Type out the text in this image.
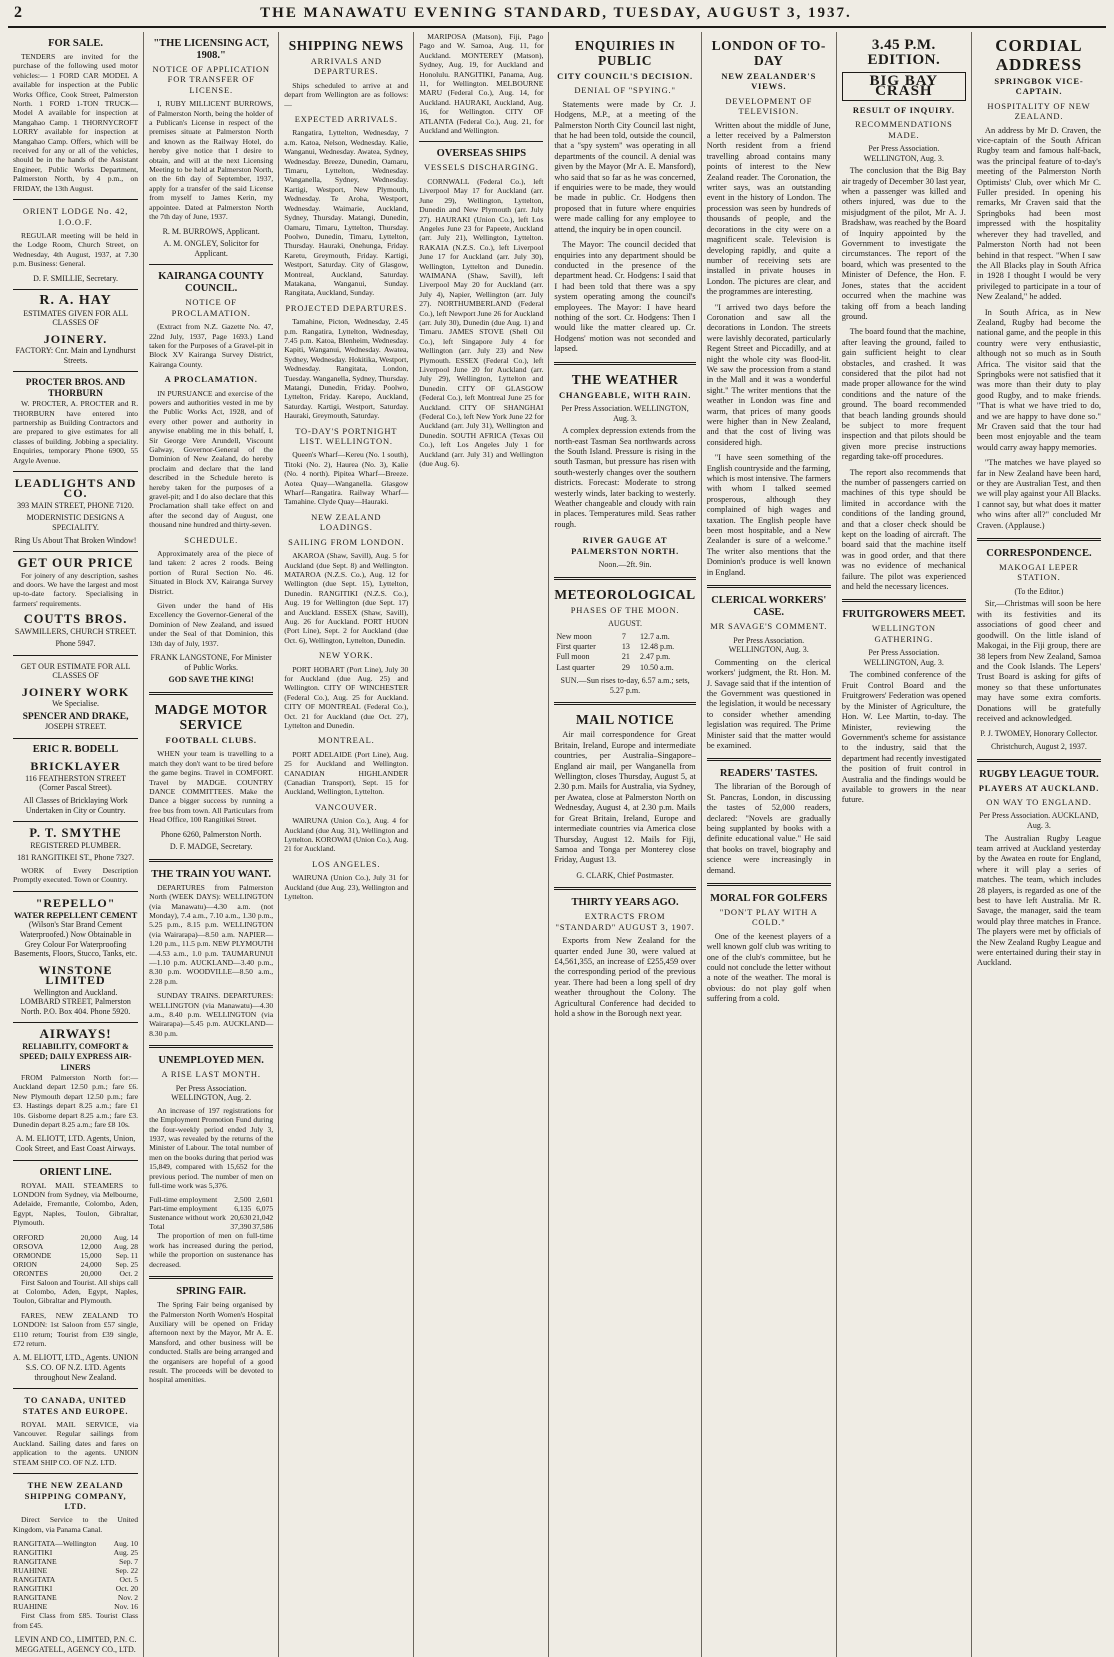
2	THE MANAWATU EVENING STANDARD, TUESDAY, AUGUST 3, 1937.
FOR SALE.

TENDERS are invited for the purchase of the following used motor vehicles:— 1 FORD CAR MODEL A available for inspection at the Public Works Office, Cook Street, Palmerston North. 1 FORD 1-TON TRUCK—Model A available for inspection at Mangahao Camp. 1 THORNYCROFT LORRY available for inspection at Mangahao Camp. Offers, which will be received for any or all of the vehicles, should be in the hands of the Assistant Engineer, Public Works Department, Palmerston North, by 4 p.m., on FRIDAY, the 13th August.

ORIENT LODGE No. 42, I.O.O.F.

REGULAR meeting will be held in the Lodge Room, Church Street, on Wednesday, 4th August, 1937, at 7.30 p.m. Business: General.

D. F. SMILLIE, Secretary.
R. A. HAY
ESTIMATES GIVEN FOR ALL CLASSES OF
JOINERY.
FACTORY: Cnr. Main and Lyndhurst Streets.
PROCTER BROS. AND THORBURN

W. PROCTER, A. PROCTER and R. THORBURN have entered into partnership as Building Contractors and are prepared to give estimates for all classes of building. Jobbing a speciality. Enquiries, temporary Phone 6900, 55 Argyle Avenue.

LEADLIGHTS AND CO.
393 MAIN STREET, PHONE 7120.
MODERNISTIC DESIGNS A SPECIALITY.
Ring Us About That Broken Window!
GET OUR PRICE

For joinery of any description, sashes and doors. We have the largest and most up-to-date factory. Specialising in farmers' requirements.

COUTTS BROS.
SAWMILLERS, CHURCH STREET.
Phone 5947.
GET OUR ESTIMATE FOR ALL CLASSES OF
JOINERY WORK
We Specialise.
SPENCER AND DRAKE,
JOSEPH STREET.
ERIC R. BODELL
BRICKLAYER
116 FEATHERSTON STREET (Corner Pascal Street).
All Classes of Bricklaying Work Undertaken in City or Country.
P. T. SMYTHE
REGISTERED PLUMBER.
181 RANGITIKEI ST., Phone 7327.

WORK of Every Description Promptly executed. Town or Country.

"REPELLO"
WATER REPELLENT CEMENT
(Wilson's Star Brand Cement Waterproofed.) Now Obtainable in Grey Colour For Waterproofing Basements, Floors, Stucco, Tanks, etc.
WINSTONE LIMITED
Wellington and Auckland. LOMBARD STREET, Palmerston North. P.O. Box 404. Phone 5920.
AIRWAYS!
RELIABILITY, COMFORT & SPEED; DAILY EXPRESS AIR-LINERS

FROM Palmerston North for:—Auckland depart 12.50 p.m.; fare £6. New Plymouth depart 12.50 p.m.; fare £3. Hastings depart 8.25 a.m.; fare £1 10s. Gisborne depart 8.25 a.m.; fare £3. Dunedin depart 8.25 a.m.; fare £8 10s.

A. M. ELIOTT, LTD. Agents, Union, Cook Street, and East Coast Airways.
ORIENT LINE.

ROYAL MAIL STEAMERS to LONDON from Sydney, via Melbourne, Adelaide, Fremantle, Colombo, Aden, Egypt, Naples, Toulon, Gibraltar, Plymouth.

ORFORD	20,000	Aug. 14
ORSOVA	12,000	Aug. 28
ORMONDE	15,000	Sep. 11
ORION	24,000	Sep. 25
ORONTES	20,000	Oct. 2

First Saloon and Tourist. All ships call at Colombo, Aden, Egypt, Naples, Toulon, Gibraltar and Plymouth.

FARES, NEW ZEALAND TO LONDON: 1st Saloon from £57 single, £110 return; Tourist from £39 single, £72 return.

A. M. ELIOTT, LTD., Agents. UNION S.S. CO. OF N.Z. LTD. Agents throughout New Zealand.
TO CANADA, UNITED STATES AND EUROPE.

ROYAL MAIL SERVICE, via Vancouver. Regular sailings from Auckland. Sailing dates and fares on application to the agents. UNION STEAM SHIP CO. OF N.Z. LTD.

THE NEW ZEALAND SHIPPING COMPANY, LTD.

Direct Service to the United Kingdom, via Panama Canal.

RANGITATA—Wellington	Aug. 10
RANGITIKI	Aug. 25
RANGITANE	Sep. 7
RUAHINE	Sep. 22
RANGITATA	Oct. 5
RANGITIKI	Oct. 20
RANGITANE	Nov. 2
RUAHINE	Nov. 16

First Class from £85. Tourist Class from £45.

LEVIN AND CO., LIMITED, P.N. C. MEGGATELL, AGENCY CO., LTD.
"THE LICENSING ACT, 1908."
NOTICE OF APPLICATION FOR TRANSFER OF LICENSE.

I, RUBY MILLICENT BURROWS, of Palmerston North, being the holder of a Publican's License in respect of the premises situate at Palmerston North and known as the Railway Hotel, do hereby give notice that I desire to obtain, and will at the next Licensing Meeting to be held at Palmerston North, on the 6th day of September, 1937, apply for a transfer of the said License from myself to James Kerin, my appointee. Dated at Palmerston North the 7th day of June, 1937.

R. M. BURROWS, Applicant.
A. M. ONGLEY, Solicitor for Applicant.
KAIRANGA COUNTY COUNCIL.
NOTICE OF PROCLAMATION.

(Extract from N.Z. Gazette No. 47, 22nd July, 1937, Page 1693.) Land taken for the Purposes of a Gravel-pit in Block XV Kairanga Survey District, Kairanga County.

A PROCLAMATION.

IN PURSUANCE and exercise of the powers and authorities vested in me by the Public Works Act, 1928, and of every other power and authority in anywise enabling me in this behalf, I, Sir George Vere Arundell, Viscount Galway, Governor-General of the Dominion of New Zealand, do hereby proclaim and declare that the land described in the Schedule hereto is hereby taken for the purposes of a gravel-pit; and I do also declare that this Proclamation shall take effect on and after the second day of August, one thousand nine hundred and thirty-seven.

SCHEDULE.

Approximately area of the piece of land taken: 2 acres 2 roods. Being portion of Rural Section No. 46. Situated in Block XV, Kairanga Survey District.

Given under the hand of His Excellency the Governor-General of the Dominion of New Zealand, and issued under the Seal of that Dominion, this 13th day of July, 1937.

FRANK LANGSTONE, For Minister of Public Works.
GOD SAVE THE KING!
MADGE MOTOR SERVICE
FOOTBALL CLUBS.

WHEN your team is travelling to a match they don't want to be tired before the game begins. Travel in COMFORT. Travel by MADGE. COUNTRY DANCE COMMITTEES. Make the Dance a bigger success by running a free bus from town. All Particulars from Head Office, 100 Rangitikei Street.

Phone 6260, Palmerston North.
D. F. MADGE, Secretary.
THE TRAIN YOU WANT.

DEPARTURES from Palmerston North (WEEK DAYS): WELLINGTON (via Manawatu)—4.30 a.m. (not Monday), 7.4 a.m., 7.10 a.m., 1.30 p.m., 5.25 p.m., 8.15 p.m. WELLINGTON (via Wairarapa)—8.50 a.m. NAPIER—1.20 p.m., 11.5 p.m. NEW PLYMOUTH—4.53 a.m., 1.0 p.m. TAUMARUNUI—1.10 p.m. AUCKLAND—3.40 p.m., 8.30 p.m. WOODVILLE—8.50 a.m., 2.28 p.m.

SUNDAY TRAINS. DEPARTURES: WELLINGTON (via Manawatu)—4.30 a.m., 8.40 p.m. WELLINGTON (via Wairarapa)—5.45 p.m. AUCKLAND—8.30 p.m.

UNEMPLOYED MEN.
A RISE LAST MONTH.
Per Press Association. WELLINGTON, Aug. 2.

An increase of 197 registrations for the Employment Promotion Fund during the four-weekly period ended July 3, 1937, was revealed by the returns of the Minister of Labour. The total number of men on the books during that period was 15,849, compared with 15,652 for the previous period. The number of men on full-time work was 5,376.

Full-time employment	2,500	2,601
Part-time employment	6,135	6,075
Sustenance without work	20,630	21,042
Total	37,390	37,586

The proportion of men on full-time work has increased during the period, while the proportion on sustenance has decreased.

SPRING FAIR.

The Spring Fair being organised by the Palmerston North Women's Hospital Auxiliary will be opened on Friday afternoon next by the Mayor, Mr A. E. Mansford, and other business will be conducted. Stalls are being arranged and the organisers are hopeful of a good result. The proceeds will be devoted to hospital amenities.

SHIPPING NEWS
ARRIVALS AND DEPARTURES.

Ships scheduled to arrive at and depart from Wellington are as follows:—

EXPECTED ARRIVALS.

Rangatira, Lyttelton, Wednesday, 7 a.m. Katoa, Nelson, Wednesday. Kalie, Wanganui, Wednesday. Awatea, Sydney, Wednesday. Breeze, Dunedin, Oamaru, Timaru, Lyttelton, Wednesday. Wanganella, Sydney, Wednesday. Kartigi, Westport, New Plymouth, Wednesday. Te Aroha, Westport, Wednesday. Waimarie, Auckland, Sydney, Thursday. Matangi, Dunedin, Oamaru, Timaru, Lyttelton, Thursday. Poolwo, Dunedin, Timaru, Lyttelton, Thursday. Hauraki, Onehunga, Friday. Karetu, Greymouth, Friday. Kartigi, Westport, Saturday. City of Glasgow, Montreal, Auckland, Saturday. Matakana, Wanganui, Sunday. Rangitata, Auckland, Sunday.

PROJECTED DEPARTURES.

Tamahine, Picton, Wednesday, 2.45 p.m. Rangatira, Lyttelton, Wednesday, 7.45 p.m. Katoa, Blenheim, Wednesday. Kapiti, Wanganui, Wednesday. Awatea, Sydney, Wednesday. Hokitika, Westport, Wednesday. Rangitata, London, Tuesday. Wanganella, Sydney, Thursday. Matangi, Dunedin, Friday. Poolwo, Lyttelton, Friday. Karepo, Auckland, Saturday. Kartigi, Westport, Saturday. Hauraki, Greymouth, Saturday.

TO-DAY'S PORTNIGHT LIST. WELLINGTON.

Queen's Wharf—Kereu (No. 1 south), Titoki (No. 2), Haurea (No. 3), Kalie (No. 4 north). Pipitea Wharf—Breeze. Aotea Quay—Wanganella. Glasgow Wharf—Rangatira. Railway Wharf—Tamahine. Clyde Quay—Hauraki.

NEW ZEALAND LOADINGS.
SAILING FROM LONDON.

AKAROA (Shaw, Savill), Aug. 5 for Auckland (due Sept. 8) and Wellington. MATAROA (N.Z.S. Co.), Aug. 12 for Wellington (due Sept. 15), Lyttelton, Dunedin. RANGITIKI (N.Z.S. Co.), Aug. 19 for Wellington (due Sept. 17) and Auckland. ESSEX (Shaw, Savill), Aug. 26 for Auckland. PORT HUON (Port Line), Sept. 2 for Auckland (due Oct. 6), Wellington, Lyttelton, Dunedin.

NEW YORK.

PORT HOBART (Port Line), July 30 for Auckland (due Aug. 25) and Wellington. CITY OF WINCHESTER (Federal Co.), Aug. 25 for Auckland. CITY OF MONTREAL (Federal Co.), Oct. 21 for Auckland (due Oct. 27), Lyttelton and Dunedin.

MONTREAL.

PORT ADELAIDE (Port Line), Aug. 25 for Auckland and Wellington. CANADIAN HIGHLANDER (Canadian Transport), Sept. 15 for Auckland, Wellington, Lyttelton.

VANCOUVER.

WAIRUNA (Union Co.), Aug. 4 for Auckland (due Aug. 31), Wellington and Lyttelton. KOROWAI (Union Co.), Aug. 21 for Auckland.

LOS ANGELES.

WAIRUNA (Union Co.), July 31 for Auckland (due Aug. 23), Wellington and Lyttelton.

MARIPOSA (Matson), Fiji, Pago Pago and W. Samoa, Aug. 11, for Auckland. MONTEREY (Matson), Sydney, Aug. 19, for Auckland and Honolulu. RANGITIKI, Panama, Aug. 11, for Wellington. MELBOURNE MARU (Federal Co.), Aug. 14, for Auckland. HAURAKI, Auckland, Aug. 16, for Wellington. CITY OF ATLANTA (Federal Co.), Aug. 21, for Auckland and Wellington.

OVERSEAS SHIPS
VESSELS DISCHARGING.

CORNWALL (Federal Co.), left Liverpool May 17 for Auckland (arr. June 29), Wellington, Lyttelton, Dunedin and New Plymouth (arr. July 27). HAURAKI (Union Co.), left Los Angeles June 23 for Papeete, Auckland (arr. July 21), Wellington, Lyttelton. RAKAIA (N.Z.S. Co.), left Liverpool June 17 for Auckland (arr. July 30), Wellington, Lyttelton and Dunedin. WAIMANA (Shaw, Savill), left Liverpool May 20 for Auckland (arr. July 4), Napier, Wellington (arr. July 27). NORTHUMBERLAND (Federal Co.), left Newport June 26 for Auckland (arr. July 30), Dunedin (due Aug. 1) and Timaru. JAMES STOVE (Shell Oil Co.), left Singapore July 4 for Wellington (arr. July 23) and New Plymouth. ESSEX (Federal Co.), left Liverpool June 20 for Auckland (arr. July 29), Wellington, Lyttelton and Dunedin. CITY OF GLASGOW (Federal Co.), left Montreal June 25 for Auckland. CITY OF SHANGHAI (Federal Co.), left New York June 22 for Auckland (arr. July 31), Wellington and Dunedin. SOUTH AFRICA (Texas Oil Co.), left Los Angeles July 1 for Auckland (arr. July 31) and Wellington (due Aug. 6).

ENQUIRIES IN PUBLIC
CITY COUNCIL'S DECISION.
DENIAL OF "SPYING."

Statements were made by Cr. J. Hodgens, M.P., at a meeting of the Palmerston North City Council last night, that he had been told, outside the council, that a "spy system" was operating in all departments of the council. A denial was given by the Mayor (Mr A. E. Mansford), who said that so far as he was concerned, if enquiries were to be made, they would be made in public. Cr. Hodgens then proposed that in future where enquiries were made calling for any employee to attend, the inquiry be in open council.

The Mayor: The council decided that enquiries into any department should be conducted in the presence of the department head. Cr. Hodgens: I said that I had been told that there was a spy system operating among the council's employees. The Mayor: I have heard nothing of the sort. Cr. Hodgens: Then I would like the matter cleared up. Cr. Hodgens' motion was not seconded and lapsed.

THE WEATHER
CHANGEABLE, WITH RAIN.
Per Press Association. WELLINGTON, Aug. 3.

A complex depression extends from the north-east Tasman Sea northwards across the South Island. Pressure is rising in the south Tasman, but pressure has risen with south-westerly changes over the southern districts. Forecast: Moderate to strong westerly winds, later backing to westerly. Weather changeable and cloudy with rain in places. Temperatures mild. Seas rather rough.

RIVER GAUGE AT PALMERSTON NORTH.
Noon.—2ft. 9in.
METEOROLOGICAL
PHASES OF THE MOON.
AUGUST.
New moon	7	12.7 a.m.
First quarter	13	12.48 p.m.
Full moon	21	2.47 p.m.
Last quarter	29	10.50 a.m.
SUN.—Sun rises to-day, 6.57 a.m.; sets, 5.27 p.m.
MAIL NOTICE

Air mail correspondence for Great Britain, Ireland, Europe and intermediate countries, per Australia–Singapore–England air mail, per Wanganella from Wellington, closes Thursday, August 5, at 2.30 p.m. Mails for Australia, via Sydney, per Awatea, close at Palmerston North on Wednesday, August 4, at 2.30 p.m. Mails for Great Britain, Ireland, Europe and intermediate countries via America close Thursday, August 12. Mails for Fiji, Samoa and Tonga per Monterey close Friday, August 13.

G. CLARK, Chief Postmaster.
THIRTY YEARS AGO.
EXTRACTS FROM "STANDARD" AUGUST 3, 1907.

Exports from New Zealand for the quarter ended June 30, were valued at £4,561,355, an increase of £255,459 over the corresponding period of the previous year. There had been a long spell of dry weather throughout the Colony. The Agricultural Conference had decided to hold a show in the Borough next year.

LONDON OF TO-DAY
NEW ZEALANDER'S VIEWS.
DEVELOPMENT OF TELEVISION.

Written about the middle of June, a letter received by a Palmerston North resident from a friend travelling abroad contains many points of interest to the New Zealand reader. The Coronation, the writer says, was an outstanding event in the history of London. The procession was seen by hundreds of thousands of people, and the decorations in the city were on a magnificent scale. Television is developing rapidly, and quite a number of receiving sets are installed in private houses in London. The pictures are clear, and the programmes are interesting.

"I arrived two days before the Coronation and saw all the decorations in London. The streets were lavishly decorated, particularly Regent Street and Piccadilly, and at night the whole city was flood-lit. We saw the procession from a stand in the Mall and it was a wonderful sight." The writer mentions that the weather in London was fine and warm, that prices of many goods were higher than in New Zealand, and that the cost of living was considered high.

"I have seen something of the English countryside and the farming, which is most intensive. The farmers with whom I talked seemed prosperous, although they complained of high wages and taxation. The English people have been most hospitable, and a New Zealander is sure of a welcome." The writer also mentions that the Dominion's produce is well known in England.

CLERICAL WORKERS' CASE.
MR SAVAGE'S COMMENT.
Per Press Association. WELLINGTON, Aug. 3.

Commenting on the clerical workers' judgment, the Rt. Hon. M. J. Savage said that if the intention of the Government was questioned in the legislation, it would be necessary to consider whether amending legislation was required. The Prime Minister said that the matter would be examined.

READERS' TASTES.

The librarian of the Borough of St. Pancras, London, in discussing the tastes of 52,000 readers, declared: "Novels are gradually being supplanted by books with a definite educational value." He said that books on travel, biography and science were increasingly in demand.

MORAL FOR GOLFERS
"DON'T PLAY WITH A COLD."

One of the keenest players of a well known golf club was writing to one of the club's committee, but he could not conclude the letter without a note of the weather. The moral is obvious: do not play golf when suffering from a cold.

3.45 P.M. EDITION.
BIG BAY CRASH
RESULT OF INQUIRY.
RECOMMENDATIONS MADE.
Per Press Association. WELLINGTON, Aug. 3.

The conclusion that the Big Bay air tragedy of December 30 last year, when a passenger was killed and others injured, was due to the misjudgment of the pilot, Mr A. J. Bradshaw, was reached by the Board of Inquiry appointed by the Government to investigate the circumstances. The report of the board, which was presented to the Minister of Defence, the Hon. F. Jones, states that the accident occurred when the machine was taking off from a beach landing ground.

The board found that the machine, after leaving the ground, failed to gain sufficient height to clear obstacles, and crashed. It was considered that the pilot had not made proper allowance for the wind conditions and the nature of the ground. The board recommended that beach landing grounds should be subject to more frequent inspection and that pilots should be given more precise instructions regarding take-off procedures.

The report also recommends that the number of passengers carried on machines of this type should be limited in accordance with the conditions of the landing ground, and that a closer check should be kept on the loading of aircraft. The board said that the machine itself was in good order, and that there was no evidence of mechanical failure. The pilot was experienced and held the necessary licences.

FRUITGROWERS MEET.
WELLINGTON GATHERING.
Per Press Association. WELLINGTON, Aug. 3.

The combined conference of the Fruit Control Board and the Fruitgrowers' Federation was opened by the Minister of Agriculture, the Hon. W. Lee Martin, to-day. The Minister, reviewing the Government's scheme for assistance to the industry, said that the department had recently investigated the position of fruit control in Australia and the findings would be available to growers in the near future.

CORDIAL ADDRESS
SPRINGBOK VICE-CAPTAIN.
HOSPITALITY OF NEW ZEALAND.

An address by Mr D. Craven, the vice-captain of the South African Rugby team and famous half-back, was the principal feature of to-day's meeting of the Palmerston North Optimists' Club, over which Mr C. Fuller presided. In opening his remarks, Mr Craven said that the Springboks had been most impressed with the hospitality wherever they had travelled, and Palmerston North had not been behind in that respect. "When I saw the All Blacks play in South Africa in 1928 I thought I would be very privileged to participate in a tour of New Zealand," he added.

In South Africa, as in New Zealand, Rugby had become the national game, and the people in this country were very enthusiastic, although not so much as in South Africa. The visitor said that the Springboks were not satisfied that it was more than their duty to play good Rugby, and to make friends. "That is what we have tried to do, and we are happy to have done so." Mr Craven said that the tour had been most enjoyable and the team would carry away happy memories.

"The matches we have played so far in New Zealand have been hard, or they are Australian Test, and then we will play against your All Blacks. I cannot say, but what does it matter who wins after all?" concluded Mr Craven. (Applause.)

CORRESPONDENCE.
MAKOGAI LEPER STATION.
(To the Editor.)

Sir,—Christmas will soon be here with its festivities and its associations of good cheer and goodwill. On the little island of Makogai, in the Fiji group, there are 38 lepers from New Zealand, Samoa and the Cook Islands. The Lepers' Trust Board is asking for gifts of money so that these unfortunates may have some extra comforts. Donations will be gratefully received and acknowledged.

P. J. TWOMEY, Honorary Collector.
Christchurch, August 2, 1937.
RUGBY LEAGUE TOUR.
PLAYERS AT AUCKLAND.
ON WAY TO ENGLAND.
Per Press Association. AUCKLAND, Aug. 3.

The Australian Rugby League team arrived at Auckland yesterday by the Awatea en route for England, where it will play a series of matches. The team, which includes 28 players, is regarded as one of the best to have left Australia. Mr R. Savage, the manager, said the team would play three matches in France. The players were met by officials of the New Zealand Rugby League and were entertained during their stay in Auckland.
